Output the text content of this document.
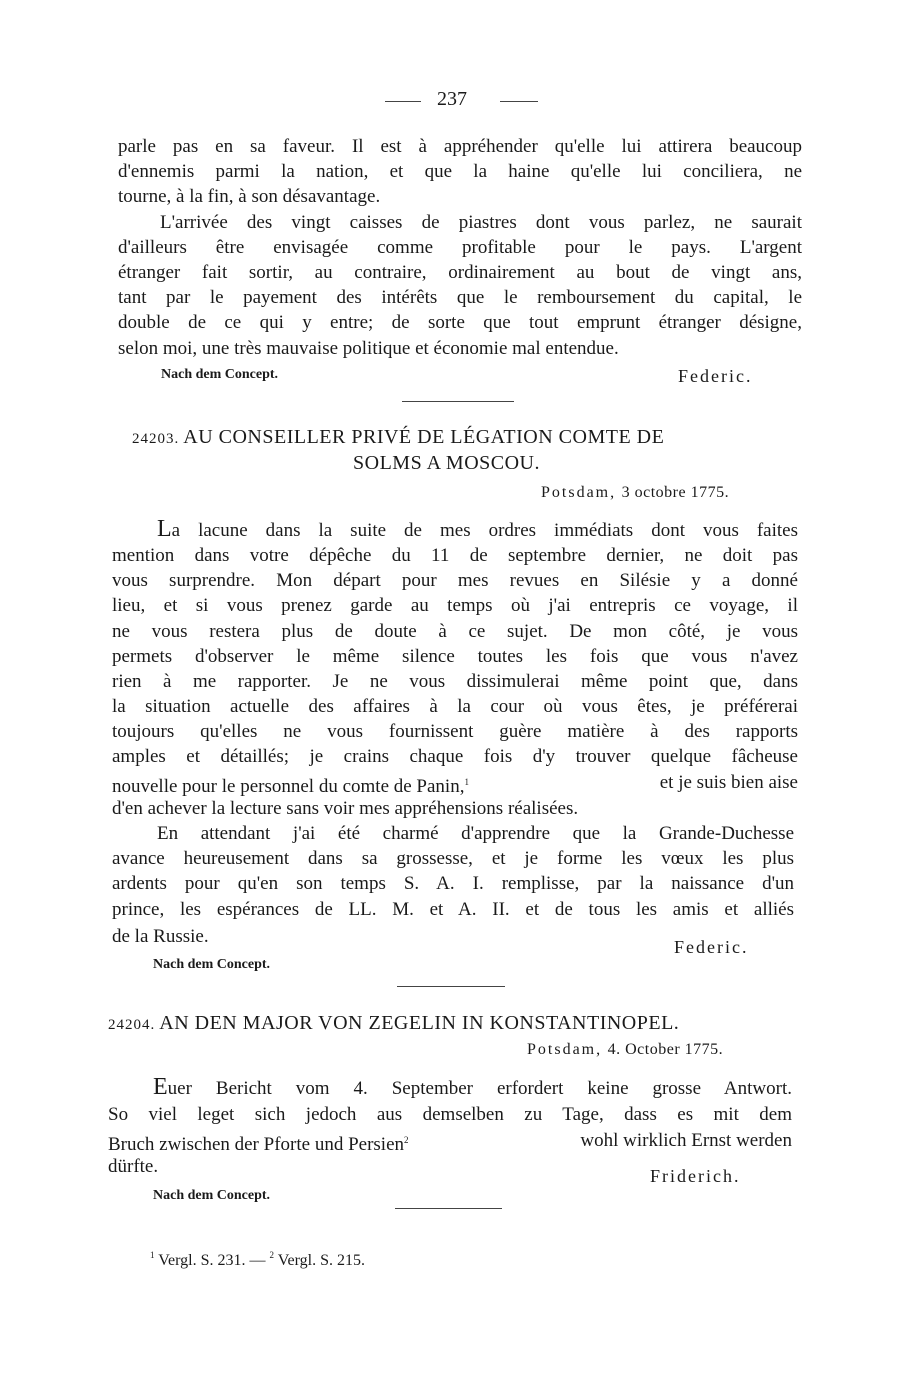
237
parle pas en sa faveur. Il est à appréhender qu'elle lui attirera beaucoup
d'ennemis parmi la nation, et que la haine qu'elle lui conciliera, ne
tourne, à la fin, à son désavantage.
L'arrivée des vingt caisses de piastres dont vous parlez, ne saurait
d'ailleurs être envisagée comme profitable pour le pays. L'argent
étranger fait sortir, au contraire, ordinairement au bout de vingt ans,
tant par le payement des intérêts que le remboursement du capital, le
double de ce qui y entre; de sorte que tout emprunt étranger désigne,
selon moi, une très mauvaise politique et économie mal entendue.
Nach dem Concept.	Federic.
24203. AU CONSEILLER PRIVÉ DE LÉGATION COMTE DE
SOLMS A MOSCOU.
Potsdam, 3 octobre 1775.
La lacune dans la suite de mes ordres immédiats dont vous faites
mention dans votre dépêche du 11 de septembre dernier, ne doit pas
vous surprendre. Mon départ pour mes revues en Silésie y a donné
lieu, et si vous prenez garde au temps où j'ai entrepris ce voyage, il
ne vous restera plus de doute à ce sujet. De mon côté, je vous
permets d'observer le même silence toutes les fois que vous n'avez
rien à me rapporter. Je ne vous dissimulerai même point que, dans
la situation actuelle des affaires à la cour où vous êtes, je préférerai
toujours qu'elles ne vous fournissent guère matière à des rapports
amples et détaillés; je crains chaque fois d'y trouver quelque fâcheuse
nouvelle pour le personnel du comte de Panin,$^1$	et je suis bien aise
d'en achever la lecture sans voir mes appréhensions réalisées.
En attendant j'ai été charmé d'apprendre que la Grande-Duchesse
avance heureusement dans sa grossesse, et je forme les vœux les plus
ardents pour qu'en son temps S. A. I. remplisse, par la naissance d'un
prince, les espérances de LL. M. et A. II. et de tous les amis et alliés
de la Russie.	Federic.
Nach dem Concept.
24204. AN DEN MAJOR VON ZEGELIN IN KONSTANTINOPEL.
Potsdam, 4. October 1775.
Euer Bericht vom 4. September erfordert keine grosse Antwort.
So viel leget sich jedoch aus demselben zu Tage, dass es mit dem
Bruch zwischen der Pforte und Persien$^2$	wohl wirklich Ernst werden
dürfte.	Friderich.
Nach dem Concept.
$^1$ Vergl. S. 231. — $^2$ Vergl. S. 215.
